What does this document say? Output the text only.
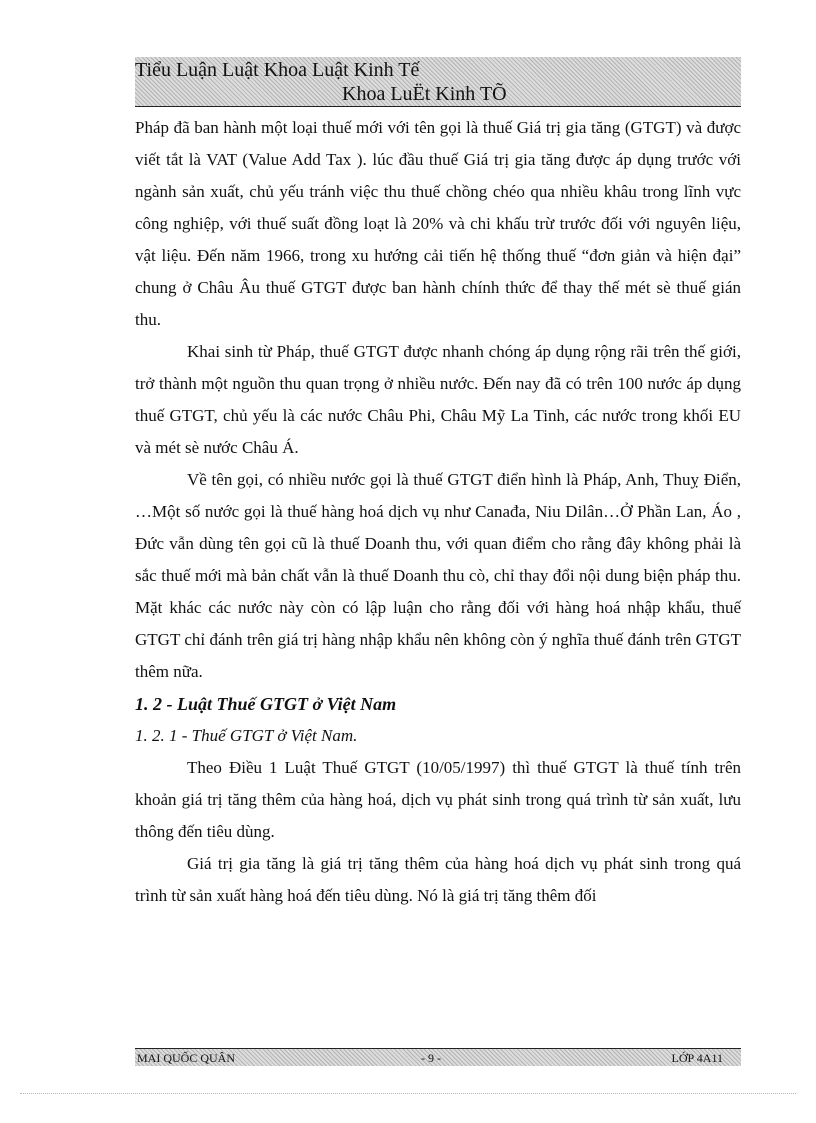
Tiểu Luận Luật Khoa Luật Kinh Tế
Khoa LuËt Kinh TÕ

Pháp đã ban hành một loại thuế mới với tên gọi là thuế Giá trị gia tăng (GTGT) và được viết tắt là VAT (Value Add Tax ). lúc đầu thuế Giá trị gia tăng được áp dụng trước với ngành sản xuất, chủ yếu tránh việc thu thuế chồng chéo qua nhiều khâu trong lĩnh vực công nghiệp, với thuế suất đồng loạt là 20% và chi khấu trừ trước đối với nguyên liệu, vật liệu. Đến năm 1966, trong xu hướng cải tiến hệ thống thuế “đơn giản và hiện đại” chung ở Châu Âu thuế GTGT được ban hành chính thức để thay thế mét sè thuế gián thu.

Khai sinh từ Pháp, thuế GTGT được nhanh chóng áp dụng rộng rãi trên thế giới, trở thành một nguồn thu quan trọng ở nhiều nước. Đến nay đã có trên 100 nước áp dụng thuế GTGT, chủ yếu là các nước Châu Phi, Châu Mỹ La Tinh, các nước trong khối EU và mét sè nước Châu Á.

Về tên gọi, có nhiều nước gọi là thuế GTGT điển hình là Pháp, Anh, Thuỵ Điển, …Một số nước gọi là thuế hàng hoá dịch vụ như Canađa, Niu Dilân…Ở Phần Lan, Áo , Đức vẫn dùng tên gọi cũ là thuế Doanh thu, với quan điểm cho rằng đây không phải là sắc thuế mới mà bản chất vẫn là thuế Doanh thu cò, chỉ thay đổi nội dung biện pháp thu. Mặt khác các nước này còn có lập luận cho rằng đối với hàng hoá nhập khẩu, thuế GTGT chỉ đánh trên giá trị hàng nhập khẩu nên không còn ý nghĩa thuế đánh trên GTGT thêm nữa.

1. 2 - Luật Thuế GTGT ở Việt Nam

1. 2. 1 - Thuế GTGT ở Việt Nam.

Theo Điều 1 Luật Thuế GTGT (10/05/1997) thì thuế GTGT là thuế tính trên khoản giá trị tăng thêm của hàng hoá, dịch vụ phát sinh trong quá trình từ sản xuất, lưu thông đến tiêu dùng.

Giá trị gia tăng là giá trị tăng thêm của hàng hoá dịch vụ phát sinh trong quá trình từ sản xuất hàng hoá đến tiêu dùng. Nó là giá trị tăng thêm đối

MAI QUỐC QUÂN	- 9 -	LỚP 4A11
